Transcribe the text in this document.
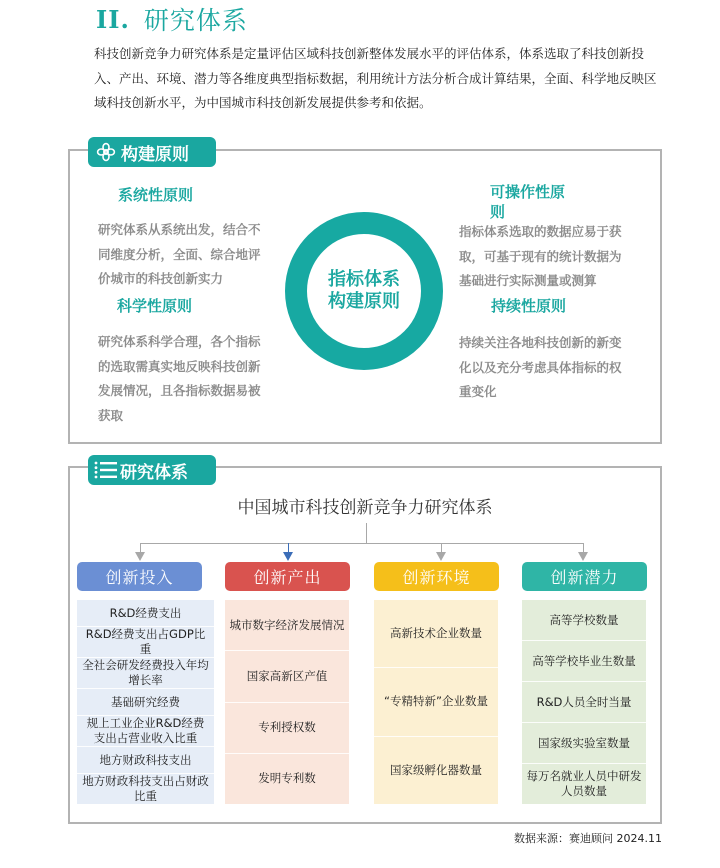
II. 研究体系

科技创新竞争力研究体系是定量评估区域科技创新整体发展水平的评估体系，体系选取了科技创新投入、产出、环境、潜力等各维度典型指标数据，利用统计方法分析合成计算结果，全面、科学地反映区域科技创新水平，为中国城市科技创新发展提供参考和依据。

构建原则
系统性原则
研究体系从系统出发，结合不同维度分析，全面、综合地评价城市的科技创新实力
科学性原则
研究体系科学合理，各个指标的选取需真实地反映科技创新发展情况，且各指标数据易被获取
可操作性原
则
指标体系选取的数据应易于获取，可基于现有的统计数据为基础进行实际测量或测算
持续性原则
持续关注各地科技创新的新变化以及充分考虑具体指标的权重变化
指标体系
构建原则
研究体系
中国城市科技创新竞争力研究体系
创新投入	创新产出	创新环境	创新潜力
R&D经费支出
R&D经费支出占GDP比重
全社会研发经费投入年均增长率
基础研究经费
规上工业企业R&D经费支出占营业收入比重
地方财政科技支出
地方财政科技支出占财政比重
城市数字经济发展情况
国家高新区产值
专利授权数
发明专利数
高新技术企业数量
“专精特新”企业数量
国家级孵化器数量
高等学校数量
高等学校毕业生数量
R&D人员全时当量
国家级实验室数量
每万名就业人员中研发人员数量
数据来源：赛迪顾问 2024.11
